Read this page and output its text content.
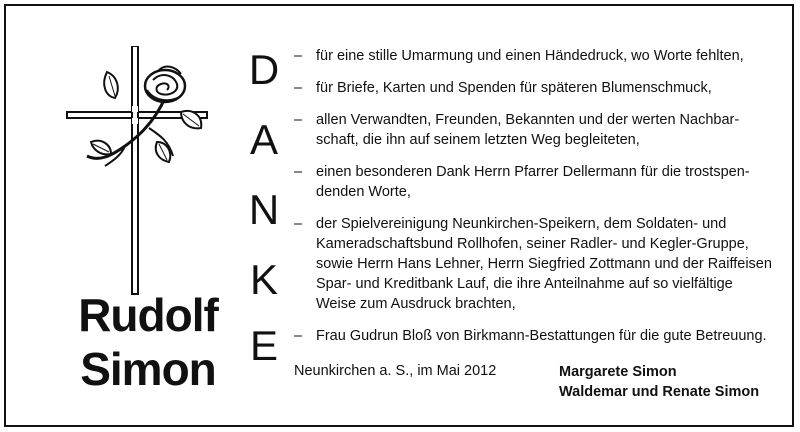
Rudolf
Simon
D
A
N
K
E
– für eine stille Umarmung und einen Händedruck, wo Worte fehlten,
– für Briefe, Karten und Spenden für späteren Blumenschmuck,
– allen Verwandten, Freunden, Bekannten und der werten Nachbar-schaft, die ihn auf seinem letzten Weg begleiteten,
– einen besonderen Dank Herrn Pfarrer Dellermann für die trostspen-denden Worte,
– der Spielvereinigung Neunkirchen-Speikern, dem Soldaten- und Kameradschaftsbund Rollhofen, seiner Radler- und Kegler-Gruppe, sowie Herrn Hans Lehner, Herrn Siegfried Zottmann und der Raiffeisen Spar- und Kreditbank Lauf, die ihre Anteilnahme auf so vielfältige Weise zum Ausdruck brachten,
– Frau Gudrun Bloß von Birkmann-Bestattungen für die gute Betreuung.
Neunkirchen a. S., im Mai 2012	Margarete Simon
Waldemar und Renate Simon
